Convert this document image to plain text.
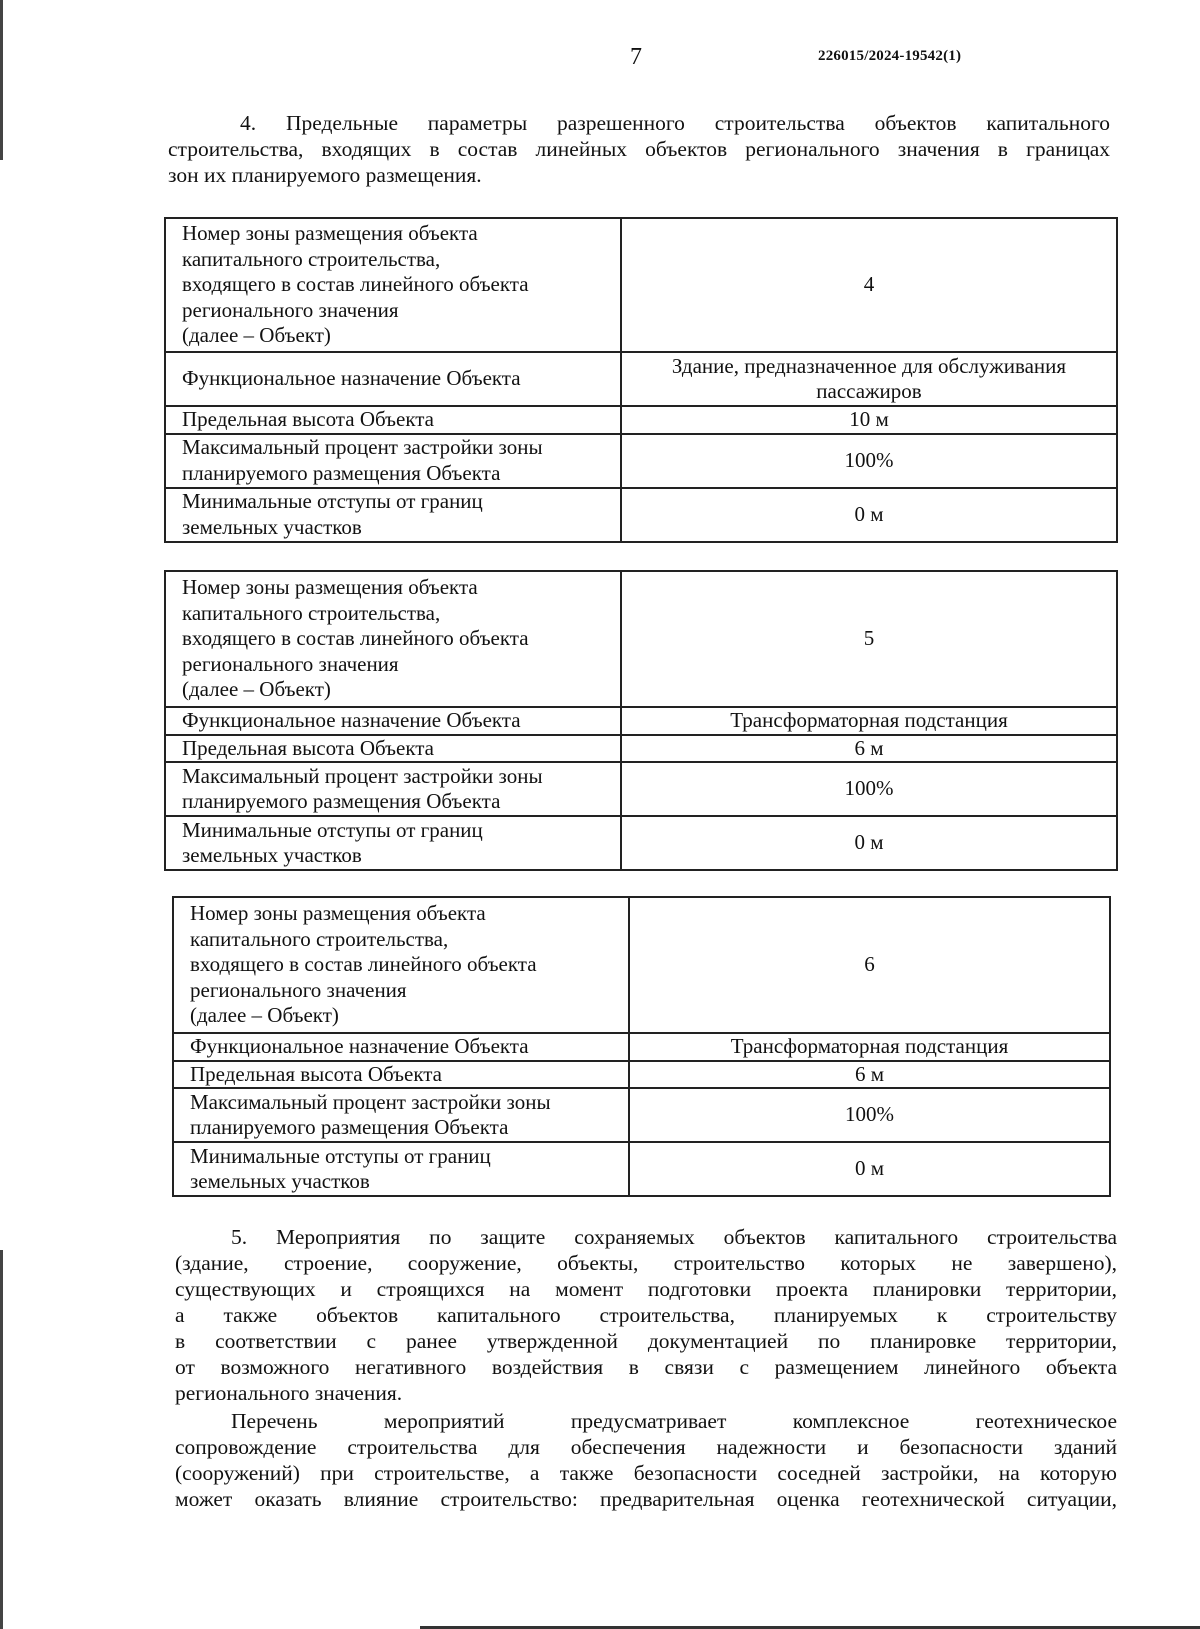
7	226015/2024-19542(1)
4. Предельные параметры разрешенного строительства объектов капитального
строительства, входящих в состав линейных объектов регионального значения в границах
зон их планируемого размещения.
Номер зоны размещения объекта
капитального строительства,
входящего в состав линейного объекта
регионального значения
(далее – Объект)	4
Функциональное назначение Объекта	Здание, предназначенное для обслуживания пассажиров
Предельная высота Объекта	10 м
Максимальный процент застройки зоны
планируемого размещения Объекта	100%
Минимальные отступы от границ
земельных участков	0 м
Номер зоны размещения объекта
капитального строительства,
входящего в состав линейного объекта
регионального значения
(далее – Объект)	5
Функциональное назначение Объекта	Трансформаторная подстанция
Предельная высота Объекта	6 м
Максимальный процент застройки зоны
планируемого размещения Объекта	100%
Минимальные отступы от границ
земельных участков	0 м
Номер зоны размещения объекта
капитального строительства,
входящего в состав линейного объекта
регионального значения
(далее – Объект)	6
Функциональное назначение Объекта	Трансформаторная подстанция
Предельная высота Объекта	6 м
Максимальный процент застройки зоны
планируемого размещения Объекта	100%
Минимальные отступы от границ
земельных участков	0 м
5. Мероприятия по защите сохраняемых объектов капитального строительства
(здание, строение, сооружение, объекты, строительство которых не завершено),
существующих и строящихся на момент подготовки проекта планировки территории,
а также объектов капитального строительства, планируемых к строительству
в соответствии с ранее утвержденной документацией по планировке территории,
от возможного негативного воздействия в связи с размещением линейного объекта
регионального значения.
Перечень мероприятий предусматривает комплексное геотехническое
сопровождение строительства для обеспечения надежности и безопасности зданий
(сооружений) при строительстве, а также безопасности соседней застройки, на которую
может оказать влияние строительство: предварительная оценка геотехнической ситуации,
